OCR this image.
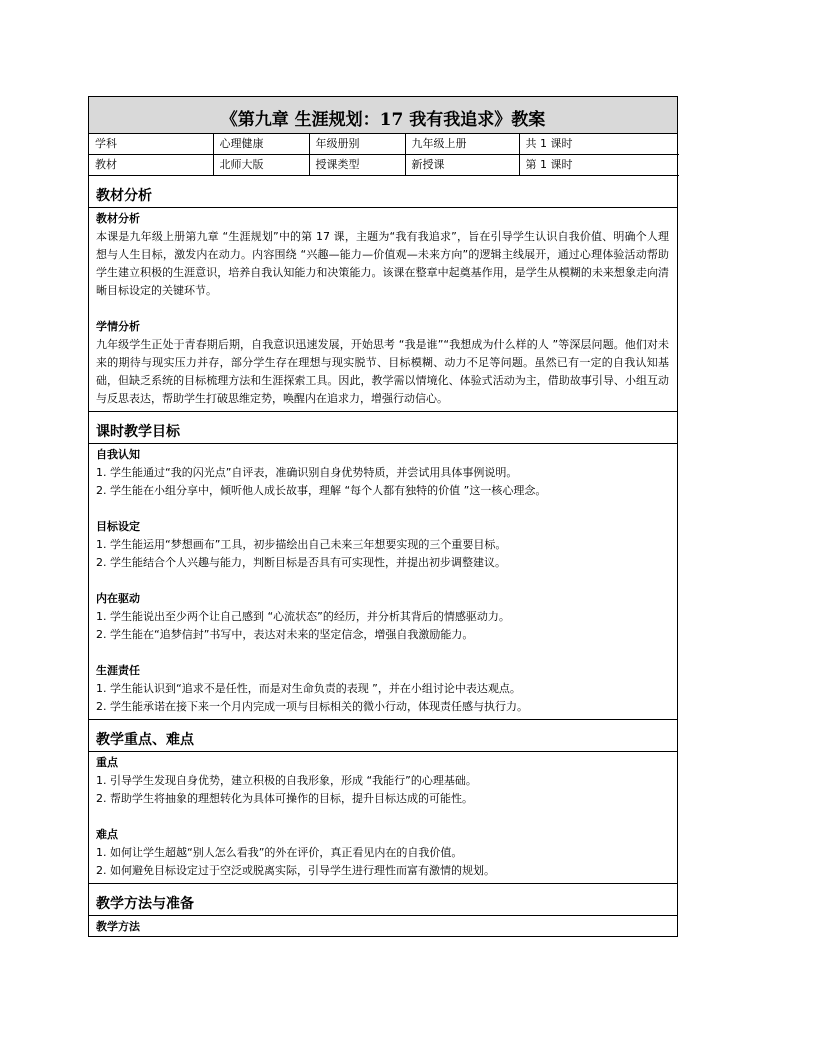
《第九章 生涯规划：17 我有我追求》教案
学科	心理健康	年级册别	九年级上册	共 1 课时
教材	北师大版	授课类型	新授课	第 1 课时
教材分析
教材分析
本课是九年级上册第九章 “生涯规划”中的第 17 课，主题为“我有我追求”，旨在引导学生认识自我价值、明确个人理想与人生目标，激发内在动力。内容围绕 “兴趣—能力—价值观—未来方向”的逻辑主线展开，通过心理体验活动帮助学生建立积极的生涯意识，培养自我认知能力和决策能力。该课在整章中起奠基作用，是学生从模糊的未来想象走向清晰目标设定的关键环节。
学情分析
九年级学生正处于青春期后期，自我意识迅速发展，开始思考 “我是谁”“我想成为什么样的人 ”等深层问题。他们对未来的期待与现实压力并存，部分学生存在理想与现实脱节、目标模糊、动力不足等问题。虽然已有一定的自我认知基础，但缺乏系统的目标梳理方法和生涯探索工具。因此，教学需以情境化、体验式活动为主，借助故事引导、小组互动与反思表达，帮助学生打破思维定势，唤醒内在追求力，增强行动信心。
课时教学目标
自我认知
1. 学生能通过“我的闪光点”自评表，准确识别自身优势特质，并尝试用具体事例说明。
2. 学生能在小组分享中，倾听他人成长故事，理解 “每个人都有独特的价值 ”这一核心理念。
目标设定
1. 学生能运用“梦想画布”工具，初步描绘出自己未来三年想要实现的三个重要目标。
2. 学生能结合个人兴趣与能力，判断目标是否具有可实现性，并提出初步调整建议。
内在驱动
1. 学生能说出至少两个让自己感到 “心流状态”的经历，并分析其背后的情感驱动力。
2. 学生能在“追梦信封”书写中，表达对未来的坚定信念，增强自我激励能力。
生涯责任
1. 学生能认识到“追求不是任性，而是对生命负责的表现 ”，并在小组讨论中表达观点。
2. 学生能承诺在接下来一个月内完成一项与目标相关的微小行动，体现责任感与执行力。
教学重点、难点
重点
1. 引导学生发现自身优势，建立积极的自我形象，形成 “我能行”的心理基础。
2. 帮助学生将抽象的理想转化为具体可操作的目标，提升目标达成的可能性。
难点
1. 如何让学生超越“别人怎么看我”的外在评价，真正看见内在的自我价值。
2. 如何避免目标设定过于空泛或脱离实际，引导学生进行理性而富有激情的规划。
教学方法与准备
教学方法
